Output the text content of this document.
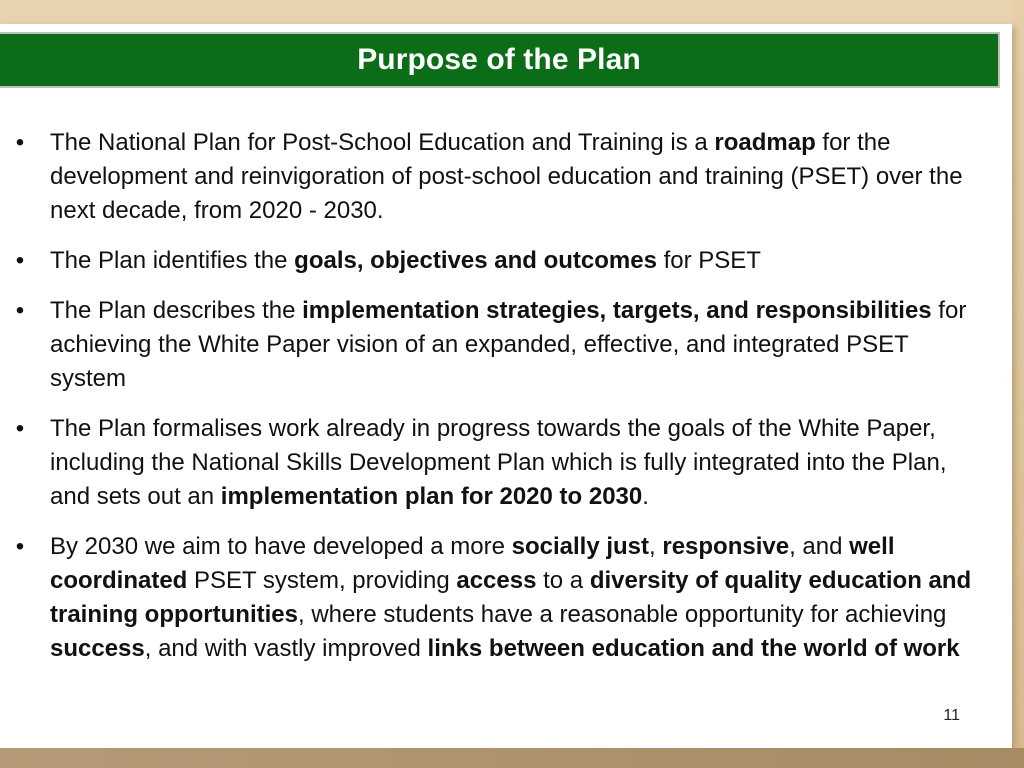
Purpose of the Plan
• The National Plan for Post-School Education and Training is a roadmap for the development and reinvigoration of post-school education and training (PSET) over the next decade, from 2020 - 2030.
• The Plan identifies the goals, objectives and outcomes for PSET
• The Plan describes the implementation strategies, targets, and responsibilities for achieving the White Paper vision of an expanded, effective, and integrated PSET system
• The Plan formalises work already in progress towards the goals of the White Paper, including the National Skills Development Plan which is fully integrated into the Plan, and sets out an implementation plan for 2020 to 2030.
• By 2030 we aim to have developed a more socially just, responsive, and well coordinated PSET system, providing access to a diversity of quality education and training opportunities, where students have a reasonable opportunity for achieving success, and with vastly improved links between education and the world of work
11
